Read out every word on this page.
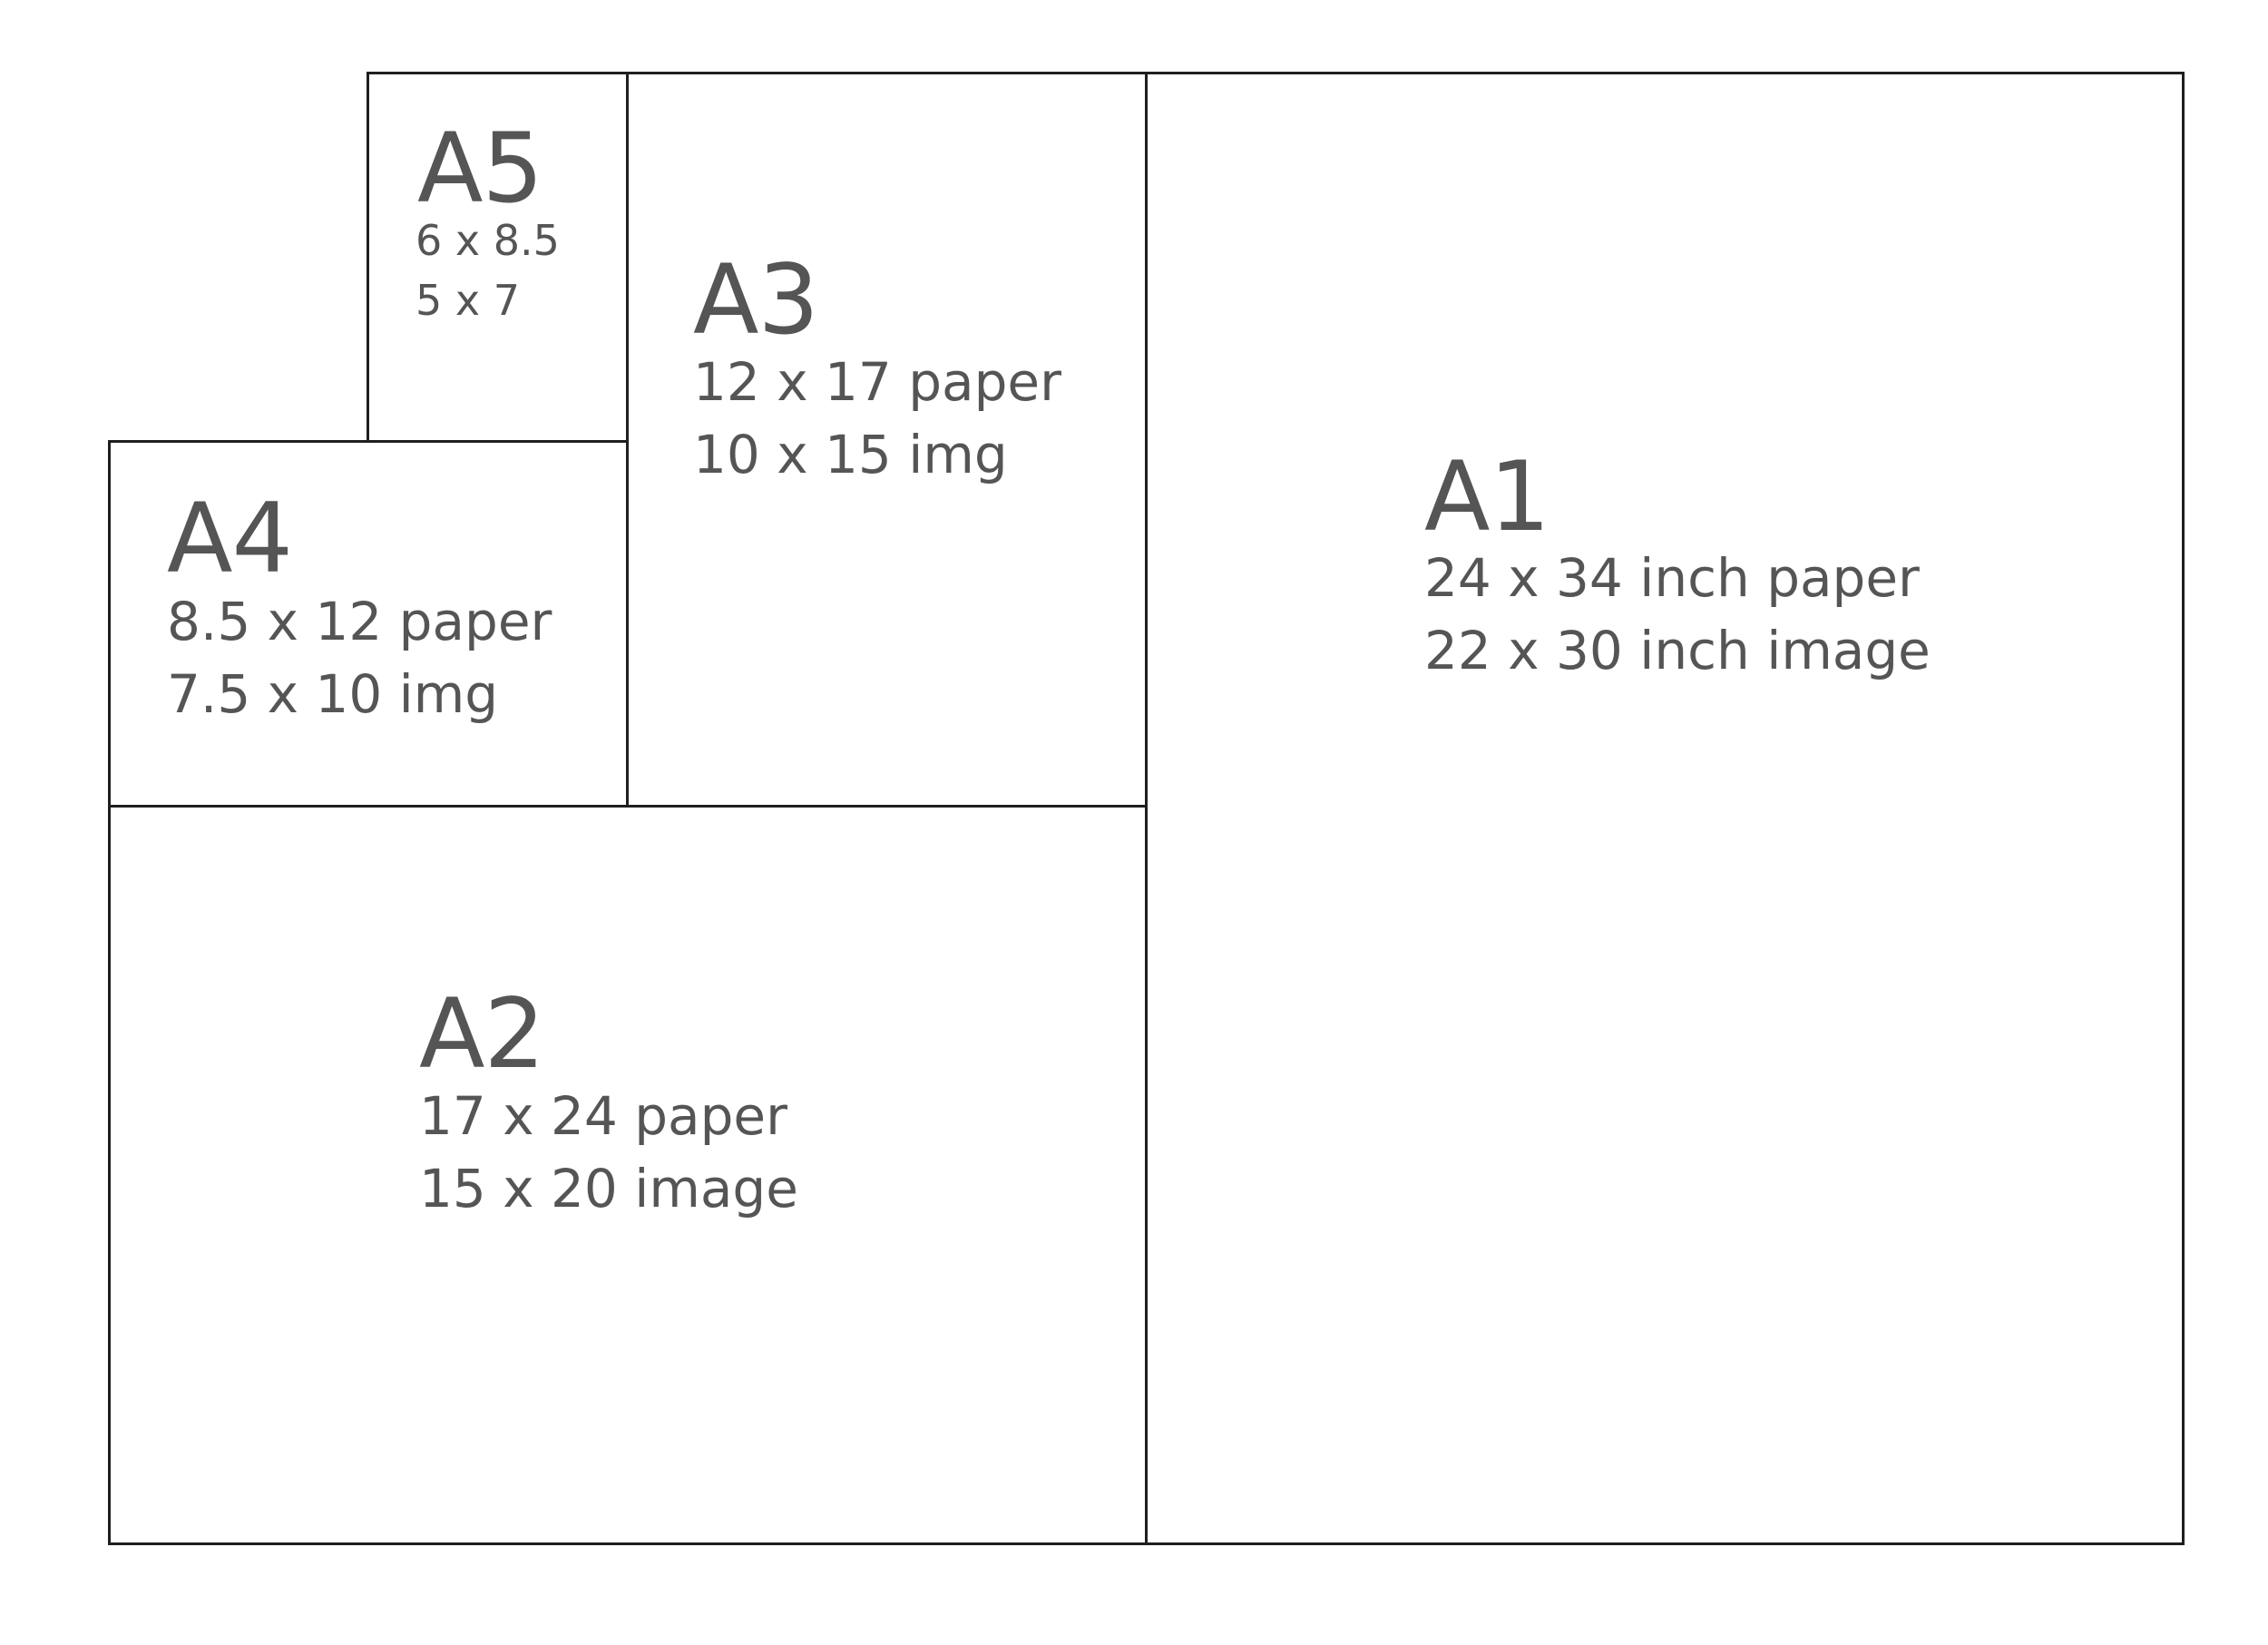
A5
6 x 8.5
5 x 7 A3
12 x 17 paper
10 x 15 img
A4
8.5 x 12 paper
7.5 x 10 img
A1
24 x 34 inch paper
22 x 30 inch image
A2
17 x 24 paper
15 x 20 image
